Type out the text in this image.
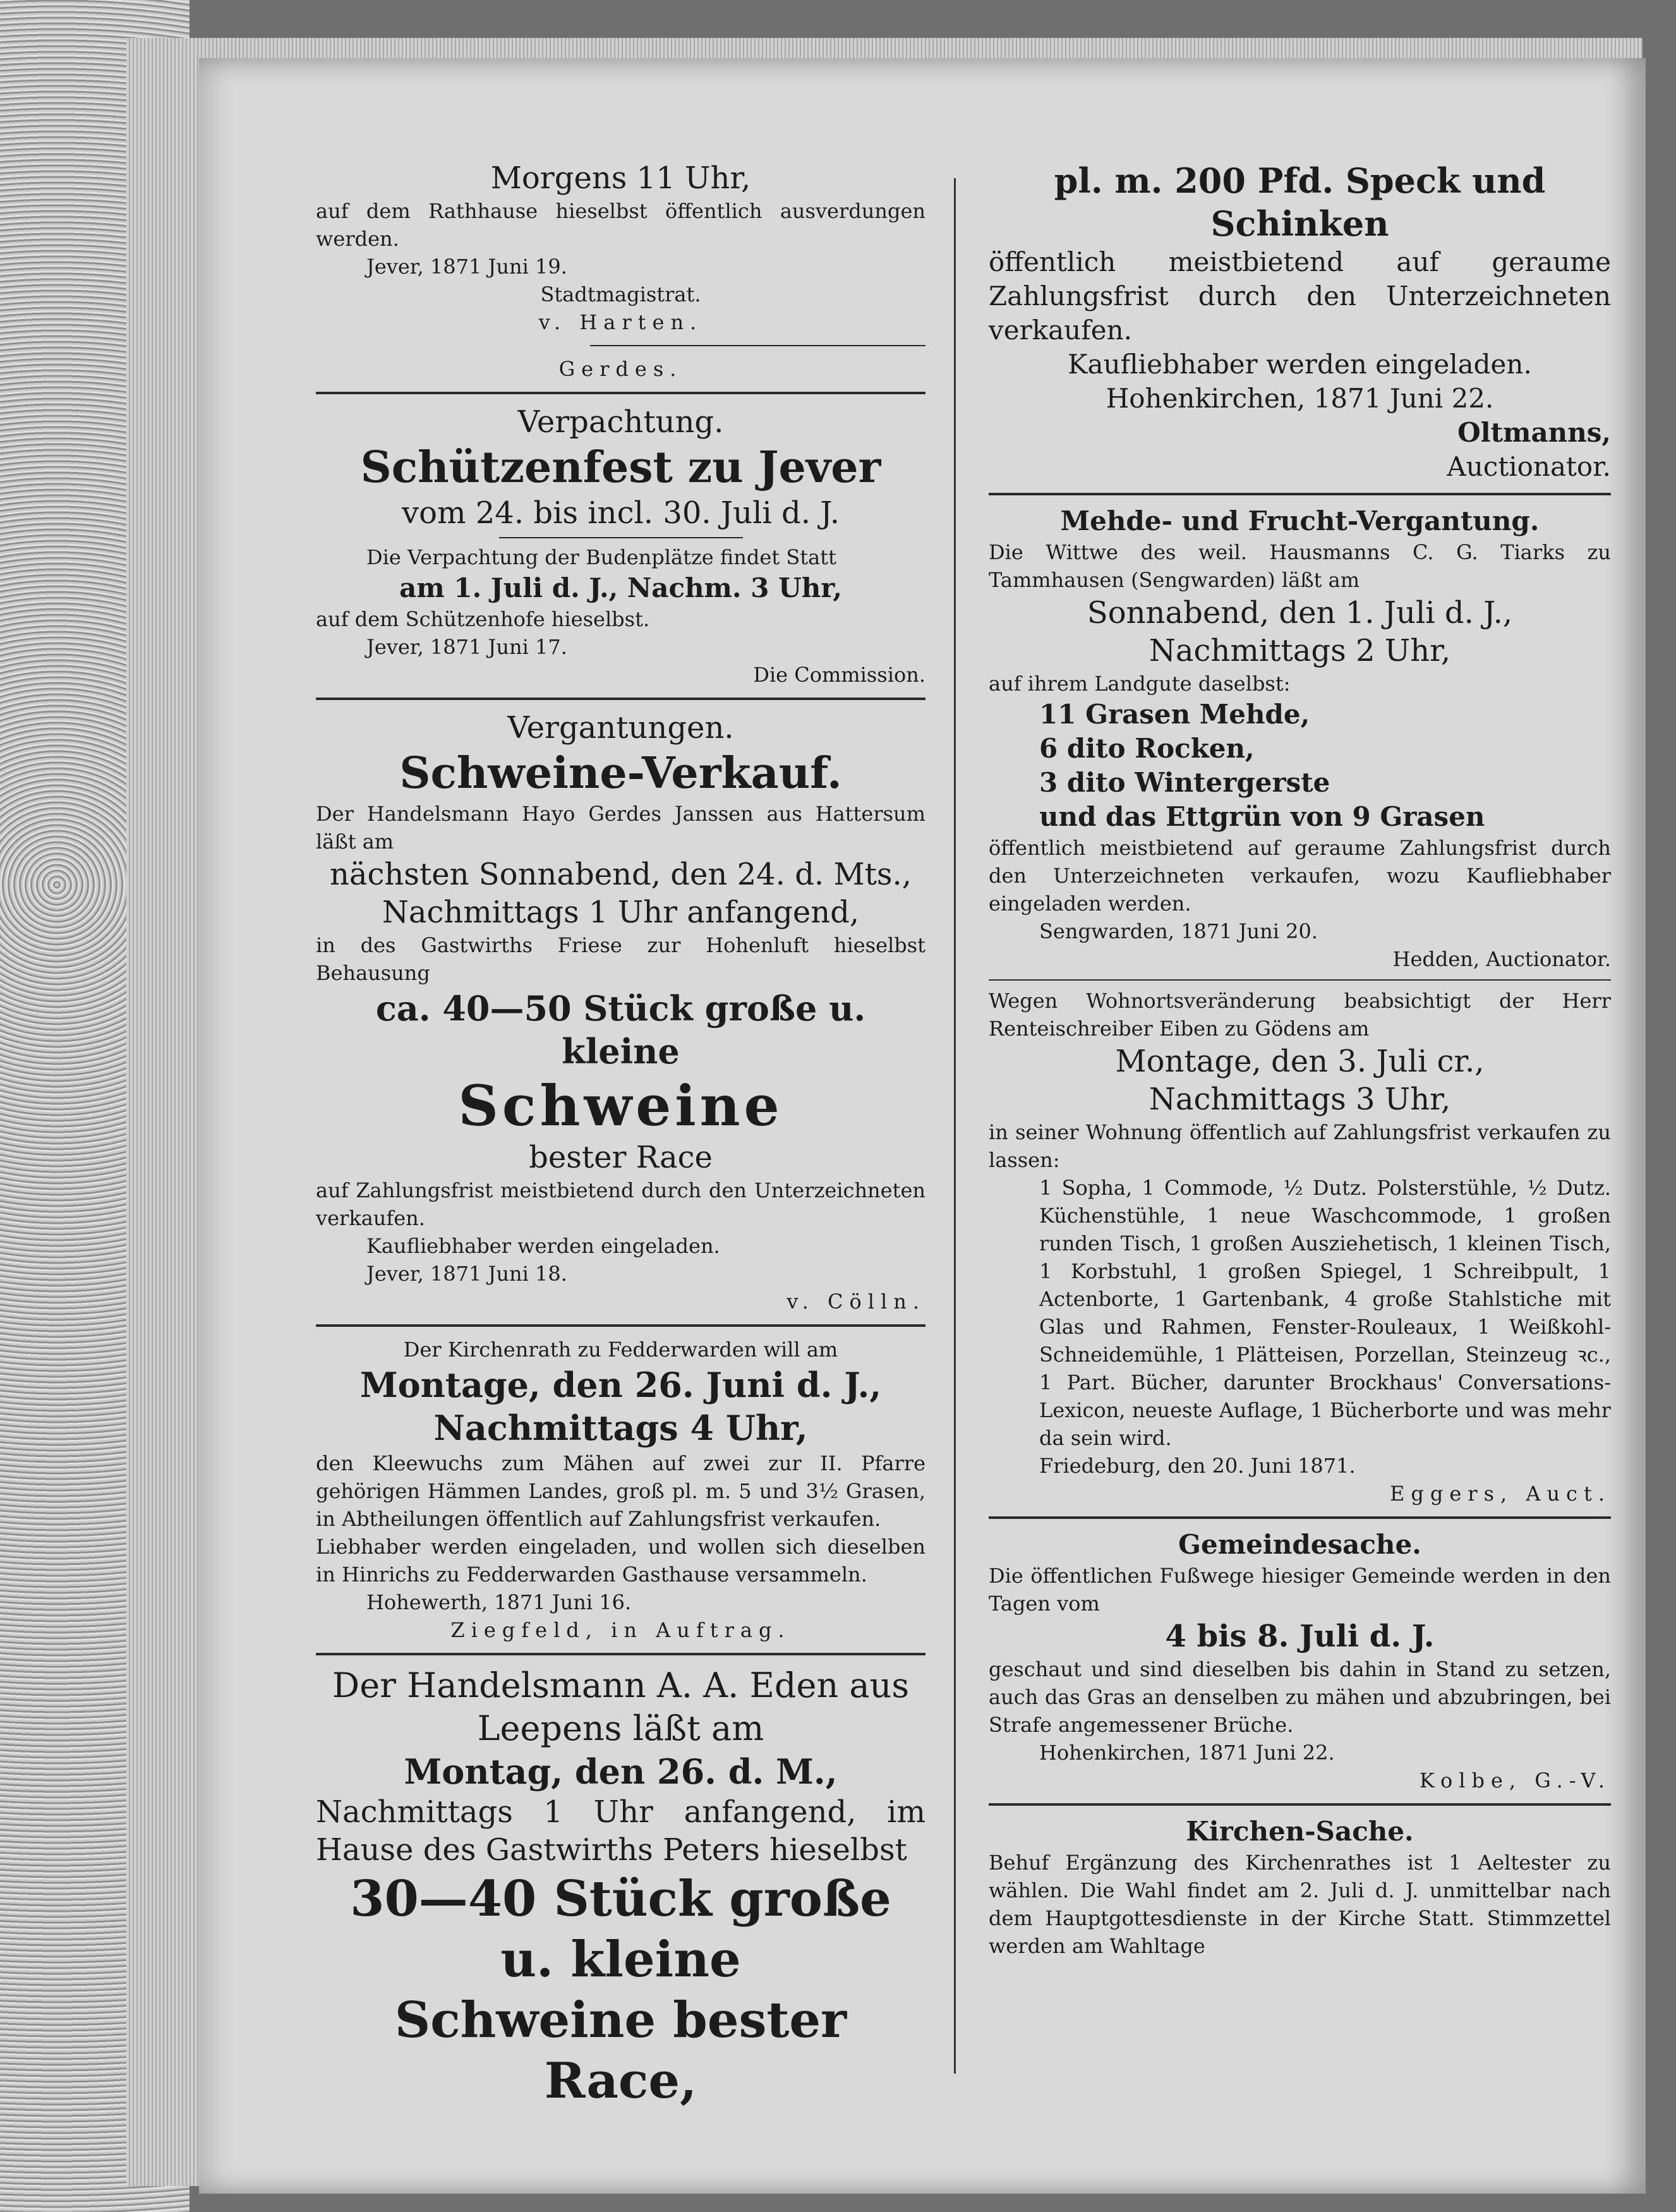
Morgens 11 Uhr,
auf dem Rathhause hieselbst öffentlich ausverdungen werden.
Jever, 1871 Juni 19.
Stadtmagistrat.
v. Harten.
Gerdes.
Verpachtung.
Schützenfest zu Jever
vom 24. bis incl. 30. Juli d. J.
Die Verpachtung der Budenplätze findet Statt
am 1. Juli d. J., Nachm. 3 Uhr,
auf dem Schützenhofe hieselbst.
Jever, 1871 Juni 17.
Die Commission.
Vergantungen.
Schweine-Verkauf.
Der Handelsmann Hayo Gerdes Janssen aus Hattersum läßt am
nächsten Sonnabend, den 24. d. Mts., Nachmittags 1 Uhr anfangend,
in des Gastwirths Friese zur Hohenluft hieselbst Behausung
ca. 40—50 Stück große u. kleine
Schweine
bester Race
auf Zahlungsfrist meistbietend durch den Unterzeichneten verkaufen.
Kaufliebhaber werden eingeladen.
Jever, 1871 Juni 18.
v. Cölln.
Der Kirchenrath zu Fedderwarden will am
Montage, den 26. Juni d. J.,
Nachmittags 4 Uhr,
den Kleewuchs zum Mähen auf zwei zur II. Pfarre gehörigen Hämmen Landes, groß pl. m. 5 und 3½ Grasen, in Abtheilungen öffentlich auf Zahlungsfrist verkaufen.
Liebhaber werden eingeladen, und wollen sich dieselben in Hinrichs zu Fedderwarden Gasthause versammeln.
Hohewerth, 1871 Juni 16.
Ziegfeld, in Auftrag.
Der Handelsmann A. A. Eden aus Leepens läßt am
Montag, den 26. d. M.,
Nachmittags 1 Uhr anfangend, im Hause des Gastwirths Peters hieselbst
30—40 Stück große u. kleine
Schweine bester Race,
pl. m. 200 Pfd. Speck und Schinken
öffentlich meistbietend auf geraume Zahlungsfrist durch den Unterzeichneten verkaufen.
Kaufliebhaber werden eingeladen.
Hohenkirchen, 1871 Juni 22.
Oltmanns,
Auctionator.
Mehde- und Frucht-Vergantung.
Die Wittwe des weil. Hausmanns C. G. Tiarks zu Tammhausen (Sengwarden) läßt am
Sonnabend, den 1. Juli d. J.,
Nachmittags 2 Uhr,
auf ihrem Landgute daselbst:
11 Grasen Mehde,
6 dito Rocken,
3 dito Wintergerste
und das Ettgrün von 9 Grasen
öffentlich meistbietend auf geraume Zahlungsfrist durch den Unterzeichneten verkaufen, wozu Kaufliebhaber eingeladen werden.
Sengwarden, 1871 Juni 20.
Hedden, Auctionator.
Wegen Wohnortsveränderung beabsichtigt der Herr Renteischreiber Eiben zu Gödens am
Montage, den 3. Juli cr.,
Nachmittags 3 Uhr,
in seiner Wohnung öffentlich auf Zahlungsfrist verkaufen zu lassen:
1 Sopha, 1 Commode, ½ Dutz. Polsterstühle, ½ Dutz. Küchenstühle, 1 neue Waschcommode, 1 großen runden Tisch, 1 großen Ausziehetisch, 1 kleinen Tisch, 1 Korbstuhl, 1 großen Spiegel, 1 Schreibpult, 1 Actenborte, 1 Gartenbank, 4 große Stahlstiche mit Glas und Rahmen, Fenster-Rouleaux, 1 Weißkohl-Schneidemühle, 1 Plätteisen, Porzellan, Steinzeug ꝛc., 1 Part. Bücher, darunter Brockhaus' Conversations-Lexicon, neueste Auflage, 1 Bücherborte und was mehr da sein wird.
Friedeburg, den 20. Juni 1871.
Eggers, Auct.
Gemeindesache.
Die öffentlichen Fußwege hiesiger Gemeinde werden in den Tagen vom
4 bis 8. Juli d. J.
geschaut und sind dieselben bis dahin in Stand zu setzen, auch das Gras an denselben zu mähen und abzubringen, bei Strafe angemessener Brüche.
Hohenkirchen, 1871 Juni 22.
Kolbe, G.-V.
Kirchen-Sache.
Behuf Ergänzung des Kirchenrathes ist 1 Aeltester zu wählen. Die Wahl findet am 2. Juli d. J. unmittelbar nach dem Hauptgottesdienste in der Kirche Statt. Stimmzettel werden am Wahltage
